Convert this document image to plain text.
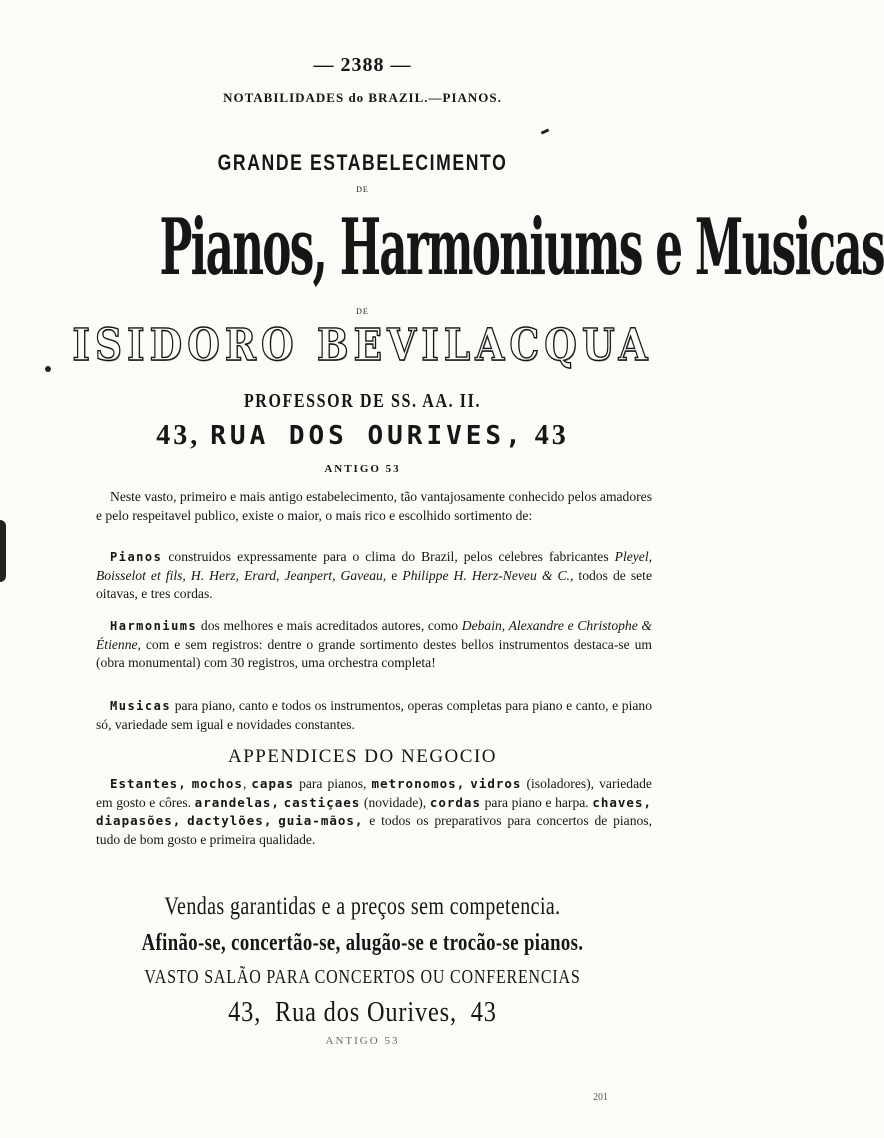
— 2388 —
NOTABILIDADES do BRAZIL.—PIANOS.
GRANDE ESTABELECIMENTO
DE
Pianos, Harmoniums e Musicas
DE
ISIDORO BEVILACQUA
PROFESSOR DE SS. AA. II.
43, RUA DOS OURIVES, 43
ANTIGO 53
Neste vasto, primeiro e mais antigo estabelecimento, tão vantajosamente conhecido pelos amadores e pelo respeitavel publico, existe o maior, o mais rico e escolhido sortimento de:
Pianos construidos expressamente para o clima do Brazil, pelos celebres fabricantes Pleyel, Boisselot et fils, H. Herz, Erard, Jeanpert, Gaveau, e Philippe H. Herz-Neveu & C., todos de sete oitavas, e tres cordas.
Harmoniums dos melhores e mais acreditados autores, como Debain, Alexandre e Christophe & Étienne, com e sem registros: dentre o grande sortimento destes bellos instrumentos destaca-se um (obra monumental) com 30 registros, uma orchestra completa!
Musicas para piano, canto e todos os instrumentos, operas completas para piano e canto, e piano só, variedade sem igual e novidades constantes.
APPENDICES DO NEGOCIO
Estantes, mochos, capas para pianos, metronomos, vidros (isoladores), variedade em gosto e côres. arandelas, castiçaes (novidade), cordas para piano e harpa. chaves, diapasões, dactylões, guia-mãos, e todos os preparativos para concertos de pianos, tudo de bom gosto e primeira qualidade.
Vendas garantidas e a preços sem competencia.
Afinão-se, concertão-se, alugão-se e trocão-se pianos.
VASTO SALÃO PARA CONCERTOS OU CONFERENCIAS
43, Rua dos Ourives, 43
ANTIGO 53
201
